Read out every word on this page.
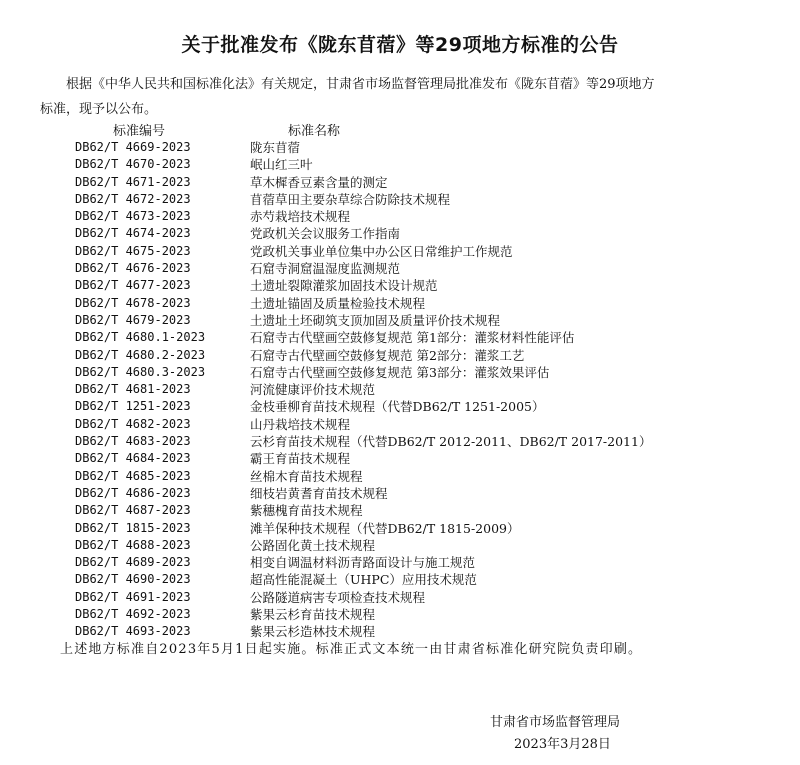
关于批准发布《陇东苜蓿》等29项地方标准的公告
根据《中华人民共和国标准化法》有关规定，甘肃省市场监督管理局批准发布《陇东苜蓿》等29项地方
标准，现予以公布。
标准编号	标准名称
DB62/T 4669-2023	陇东苜蓿
DB62/T 4670-2023	岷山红三叶
DB62/T 4671-2023	草木樨香豆素含量的测定
DB62/T 4672-2023	苜蓿草田主要杂草综合防除技术规程
DB62/T 4673-2023	赤芍栽培技术规程
DB62/T 4674-2023	党政机关会议服务工作指南
DB62/T 4675-2023	党政机关事业单位集中办公区日常维护工作规范
DB62/T 4676-2023	石窟寺洞窟温湿度监测规范
DB62/T 4677-2023	土遗址裂隙灌浆加固技术设计规范
DB62/T 4678-2023	土遗址锚固及质量检验技术规程
DB62/T 4679-2023	土遗址土坯砌筑支顶加固及质量评价技术规程
DB62/T 4680.1-2023	石窟寺古代壁画空鼓修复规范 第1部分：灌浆材料性能评估
DB62/T 4680.2-2023	石窟寺古代壁画空鼓修复规范 第2部分：灌浆工艺
DB62/T 4680.3-2023	石窟寺古代壁画空鼓修复规范 第3部分：灌浆效果评估
DB62/T 4681-2023	河流健康评价技术规范
DB62/T 1251-2023	金枝垂柳育苗技术规程（代替DB62/T 1251-2005）
DB62/T 4682-2023	山丹栽培技术规程
DB62/T 4683-2023	云杉育苗技术规程（代替DB62/T 2012-2011、DB62/T 2017-2011）
DB62/T 4684-2023	霸王育苗技术规程
DB62/T 4685-2023	丝棉木育苗技术规程
DB62/T 4686-2023	细枝岩黄耆育苗技术规程
DB62/T 4687-2023	紫穗槐育苗技术规程
DB62/T 1815-2023	滩羊保种技术规程（代替DB62/T 1815-2009）
DB62/T 4688-2023	公路固化黄土技术规程
DB62/T 4689-2023	相变自调温材料沥青路面设计与施工规范
DB62/T 4690-2023	超高性能混凝土（UHPC）应用技术规范
DB62/T 4691-2023	公路隧道病害专项检查技术规程
DB62/T 4692-2023	紫果云杉育苗技术规程
DB62/T 4693-2023	紫果云杉造林技术规程
上述地方标准自2023年5月1日起实施。标准正式文本统一由甘肃省标准化研究院负责印刷。
甘肃省市场监督管理局
2023年3月28日
